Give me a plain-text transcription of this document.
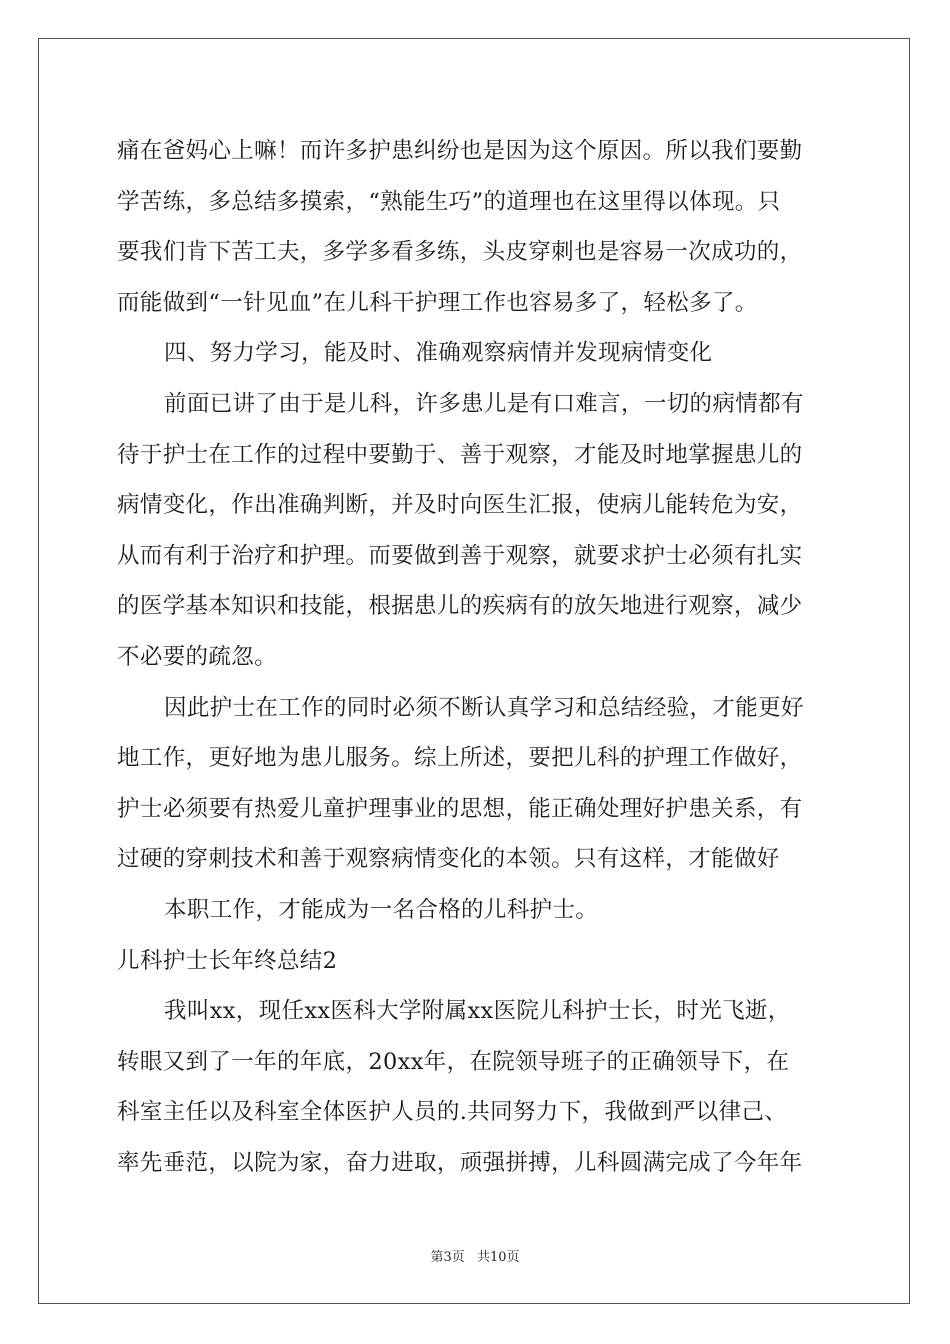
痛在爸妈心上嘛！而许多护患纠纷也是因为这个原因。所以我们要勤
学苦练，多总结多摸索，“熟能生巧”的道理也在这里得以体现。只
要我们肯下苦工夫，多学多看多练，头皮穿刺也是容易一次成功的，
而能做到“一针见血”在儿科干护理工作也容易多了，轻松多了。
四、努力学习，能及时、准确观察病情并发现病情变化
前面已讲了由于是儿科，许多患儿是有口难言，一切的病情都有
待于护士在工作的过程中要勤于、善于观察，才能及时地掌握患儿的
病情变化，作出准确判断，并及时向医生汇报，使病儿能转危为安，
从而有利于治疗和护理。而要做到善于观察，就要求护士必须有扎实
的医学基本知识和技能，根据患儿的疾病有的放矢地进行观察，减少
不必要的疏忽。
因此护士在工作的同时必须不断认真学习和总结经验，才能更好
地工作，更好地为患儿服务。综上所述，要把儿科的护理工作做好，
护士必须要有热爱儿童护理事业的思想，能正确处理好护患关系，有
过硬的穿刺技术和善于观察病情变化的本领。只有这样，才能做好
本职工作，才能成为一名合格的儿科护士。
儿科护士长年终总结2
我叫xx，现任xx医科大学附属xx医院儿科护士长，时光飞逝，
转眼又到了一年的年底，20xx年，在院领导班子的正确领导下，在
科室主任以及科室全体医护人员的.共同努力下，我做到严以律己、
率先垂范，以院为家，奋力进取，顽强拼搏，儿科圆满完成了今年年
第3页 共10页
